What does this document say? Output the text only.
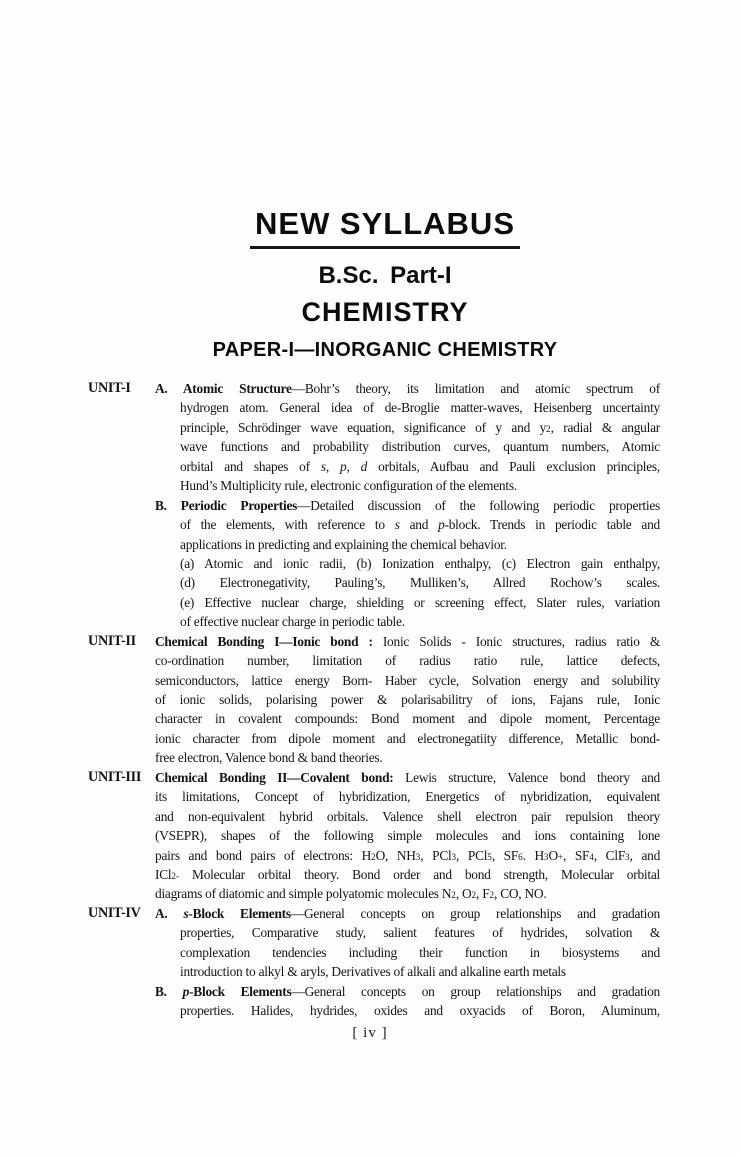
NEW SYLLABUS
B.Sc. Part-I
CHEMISTRY
PAPER-I—INORGANIC CHEMISTRY
UNIT-I A. Atomic Structure—Bohr’s theory, its limitation and atomic spectrum of
hydrogen atom. General idea of de-Broglie matter-waves, Heisenberg uncertainty
principle, Schrödinger wave equation, significance of y and $y^2$, radial & angular
wave functions and probability distribution curves, quantum numbers, Atomic
orbital and shapes of s, p, d orbitals, Aufbau and Pauli exclusion principles,
Hund’s Multiplicity rule, electronic configuration of the elements.
B. Periodic Properties—Detailed discussion of the following periodic properties
of the elements, with reference to s and p-block. Trends in periodic table and
applications in predicting and explaining the chemical behavior.
(a) Atomic and ionic radii, (b) Ionization enthalpy, (c) Electron gain enthalpy,
(d) Electronegativity, Pauling’s, Mulliken’s, Allred Rochow’s scales.
(e) Effective nuclear charge, shielding or screening effect, Slater rules, variation
of effective nuclear charge in periodic table.
UNIT-II Chemical Bonding I—Ionic bond : Ionic Solids - Ionic structures, radius ratio &
co-ordination number, limitation of radius ratio rule, lattice defects,
semiconductors, lattice energy Born- Haber cycle, Solvation energy and solubility
of ionic solids, polarising power & polarisabilitry of ions, Fajans rule, Ionic
character in covalent compounds: Bond moment and dipole moment, Percentage
ionic character from dipole moment and electronegatiity difference, Metallic bond-
free electron, Valence bond & band theories.
UNIT-III Chemical Bonding II—Covalent bond: Lewis structure, Valence bond theory and
its limitations, Concept of hybridization, Energetics of nybridization, equivalent
and non-equivalent hybrid orbitals. Valence shell electron pair repulsion theory
(VSEPR), shapes of the following simple molecules and ions containing lone
pairs and bond pairs of electrons: $H_2O$, $NH_3$, PCl$_3$, PCl$_5$, $SF_6$. $H_3O^+$, $SF_4$, ClF$_3$, and
ICl$_2$- Molecular orbital theory. Bond order and bond strength, Molecular orbital
diagrams of diatomic and simple polyatomic molecules $N_2$, $O_2$, $F_2$, CO, NO.
UNIT-IV A. s-Block Elements—General concepts on group relationships and gradation
properties, Comparative study, salient features of hydrides, solvation &
complexation tendencies including their function in biosystems and
introduction to alkyl & aryls, Derivatives of alkali and alkaline earth metals
B. p-Block Elements—General concepts on group relationships and gradation
properties. Halides, hydrides, oxides and oxyacids of Boron, Aluminum,
[ iv ]
